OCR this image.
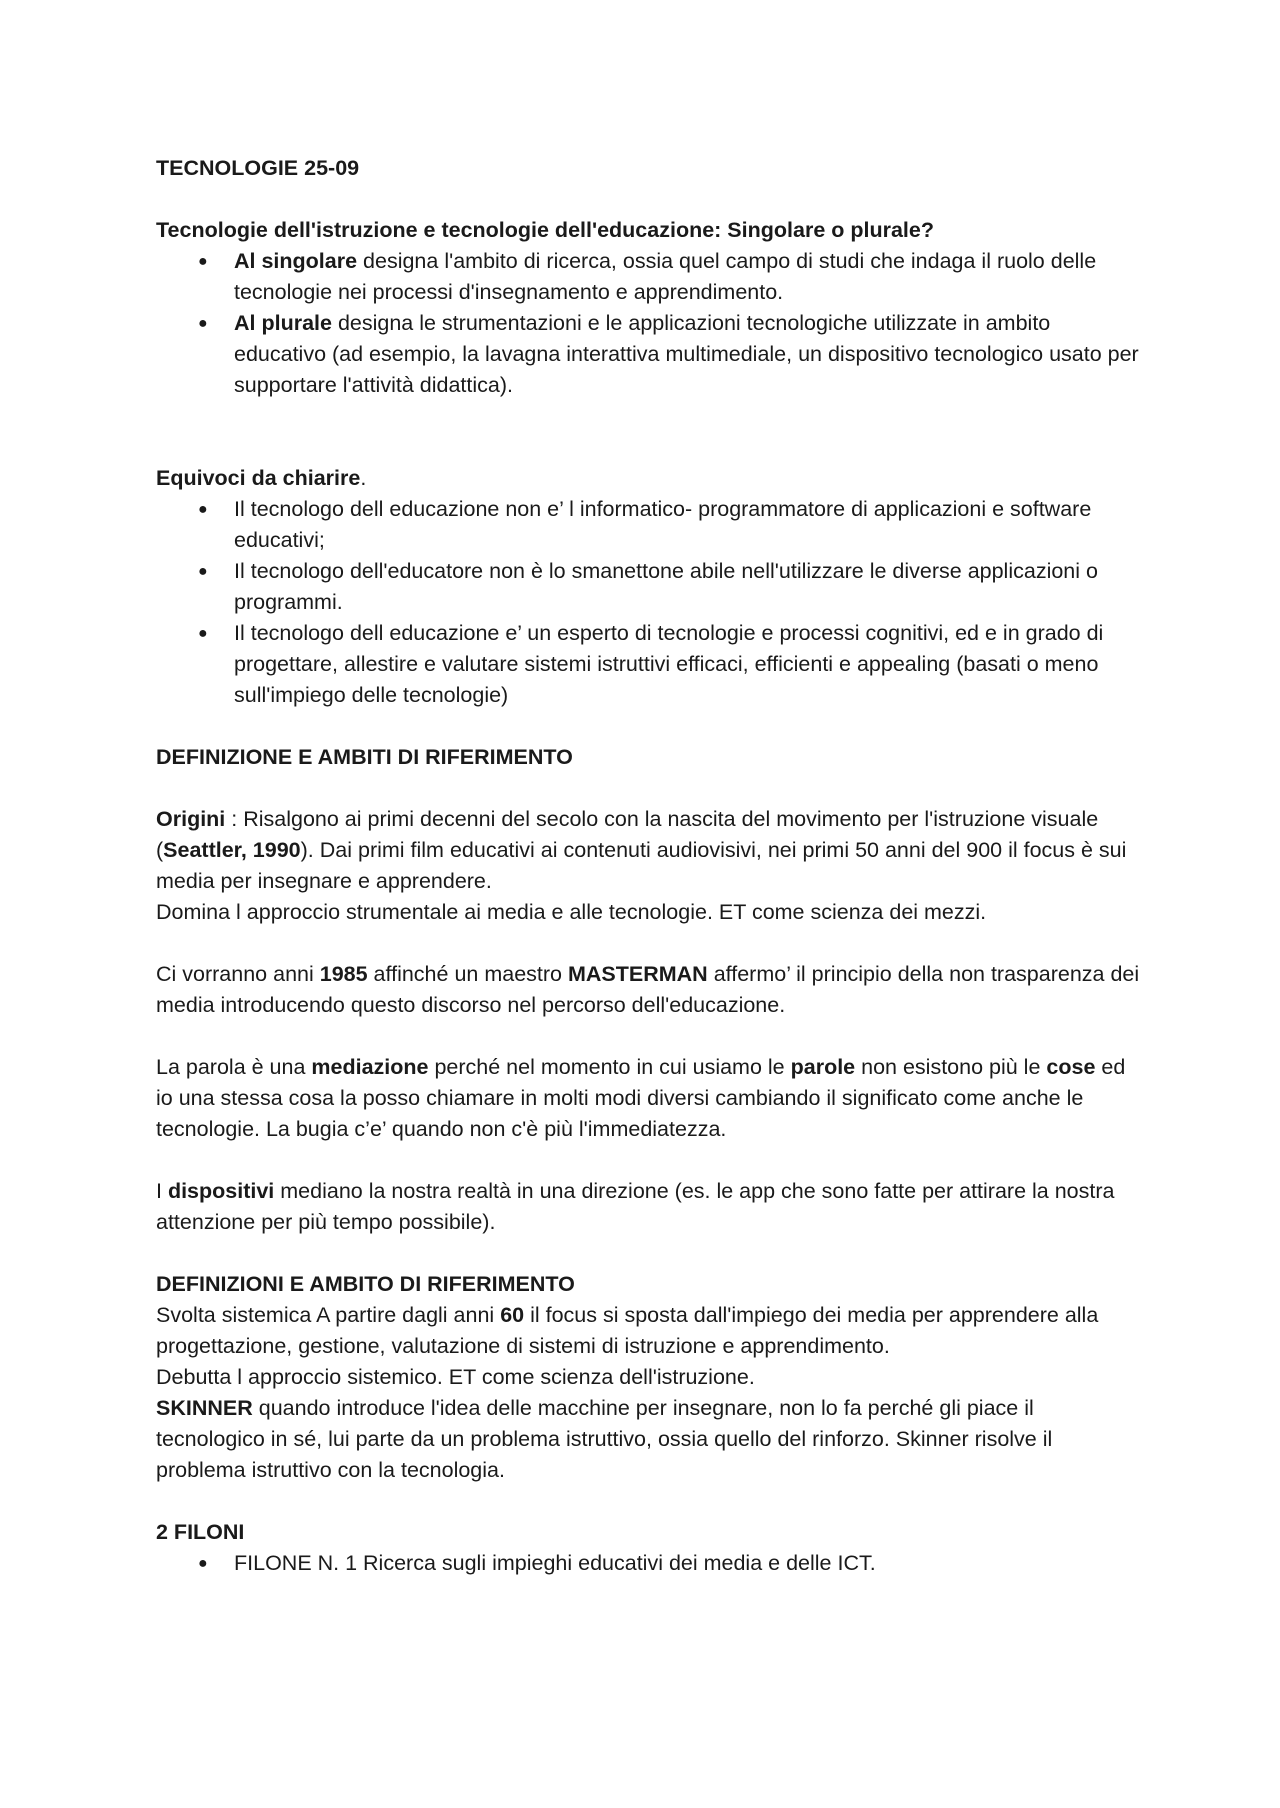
TECNOLOGIE 25-09

Tecnologie dell'istruzione e tecnologie dell'educazione: Singolare o plurale?

● Al singolare designa l'ambito di ricerca, ossia quel campo di studi che indaga il ruolo delle tecnologie nei processi d'insegnamento e apprendimento.
● Al plurale designa le strumentazioni e le applicazioni tecnologiche utilizzate in ambito educativo (ad esempio, la lavagna interattiva multimediale, un dispositivo tecnologico usato per supportare l'attività didattica).

Equivoci da chiarire.

● Il tecnologo dell educazione non e’ l informatico- programmatore di applicazioni e software educativi;
● Il tecnologo dell'educatore non è lo smanettone abile nell'utilizzare le diverse applicazioni o programmi.
● Il tecnologo dell educazione e’ un esperto di tecnologie e processi cognitivi, ed e in grado di progettare, allestire e valutare sistemi istruttivi efficaci, efficienti e appealing (basati o meno sull'impiego delle tecnologie)

DEFINIZIONE E AMBITI DI RIFERIMENTO

Origini : Risalgono ai primi decenni del secolo con la nascita del movimento per l'istruzione visuale (Seattler, 1990). Dai primi film educativi ai contenuti audiovisivi, nei primi 50 anni del 900 il focus è sui media per insegnare e apprendere.

Domina l approccio strumentale ai media e alle tecnologie. ET come scienza dei mezzi.

Ci vorranno anni 1985 affinché un maestro MASTERMAN affermo’ il principio della non trasparenza dei media introducendo questo discorso nel percorso dell'educazione.

La parola è una mediazione perché nel momento in cui usiamo le parole non esistono più le cose ed io una stessa cosa la posso chiamare in molti modi diversi cambiando il significato come anche le tecnologie. La bugia c’e’ quando non c'è più l'immediatezza.

I dispositivi mediano la nostra realtà in una direzione (es. le app che sono fatte per attirare la nostra attenzione per più tempo possibile).

DEFINIZIONI E AMBITO DI RIFERIMENTO

Svolta sistemica A partire dagli anni 60 il focus si sposta dall'impiego dei media per apprendere alla progettazione, gestione, valutazione di sistemi di istruzione e apprendimento.

Debutta l approccio sistemico. ET come scienza dell'istruzione.

SKINNER quando introduce l'idea delle macchine per insegnare, non lo fa perché gli piace il tecnologico in sé, lui parte da un problema istruttivo, ossia quello del rinforzo. Skinner risolve il problema istruttivo con la tecnologia.

2 FILONI

● FILONE N. 1 Ricerca sugli impieghi educativi dei media e delle ICT.
